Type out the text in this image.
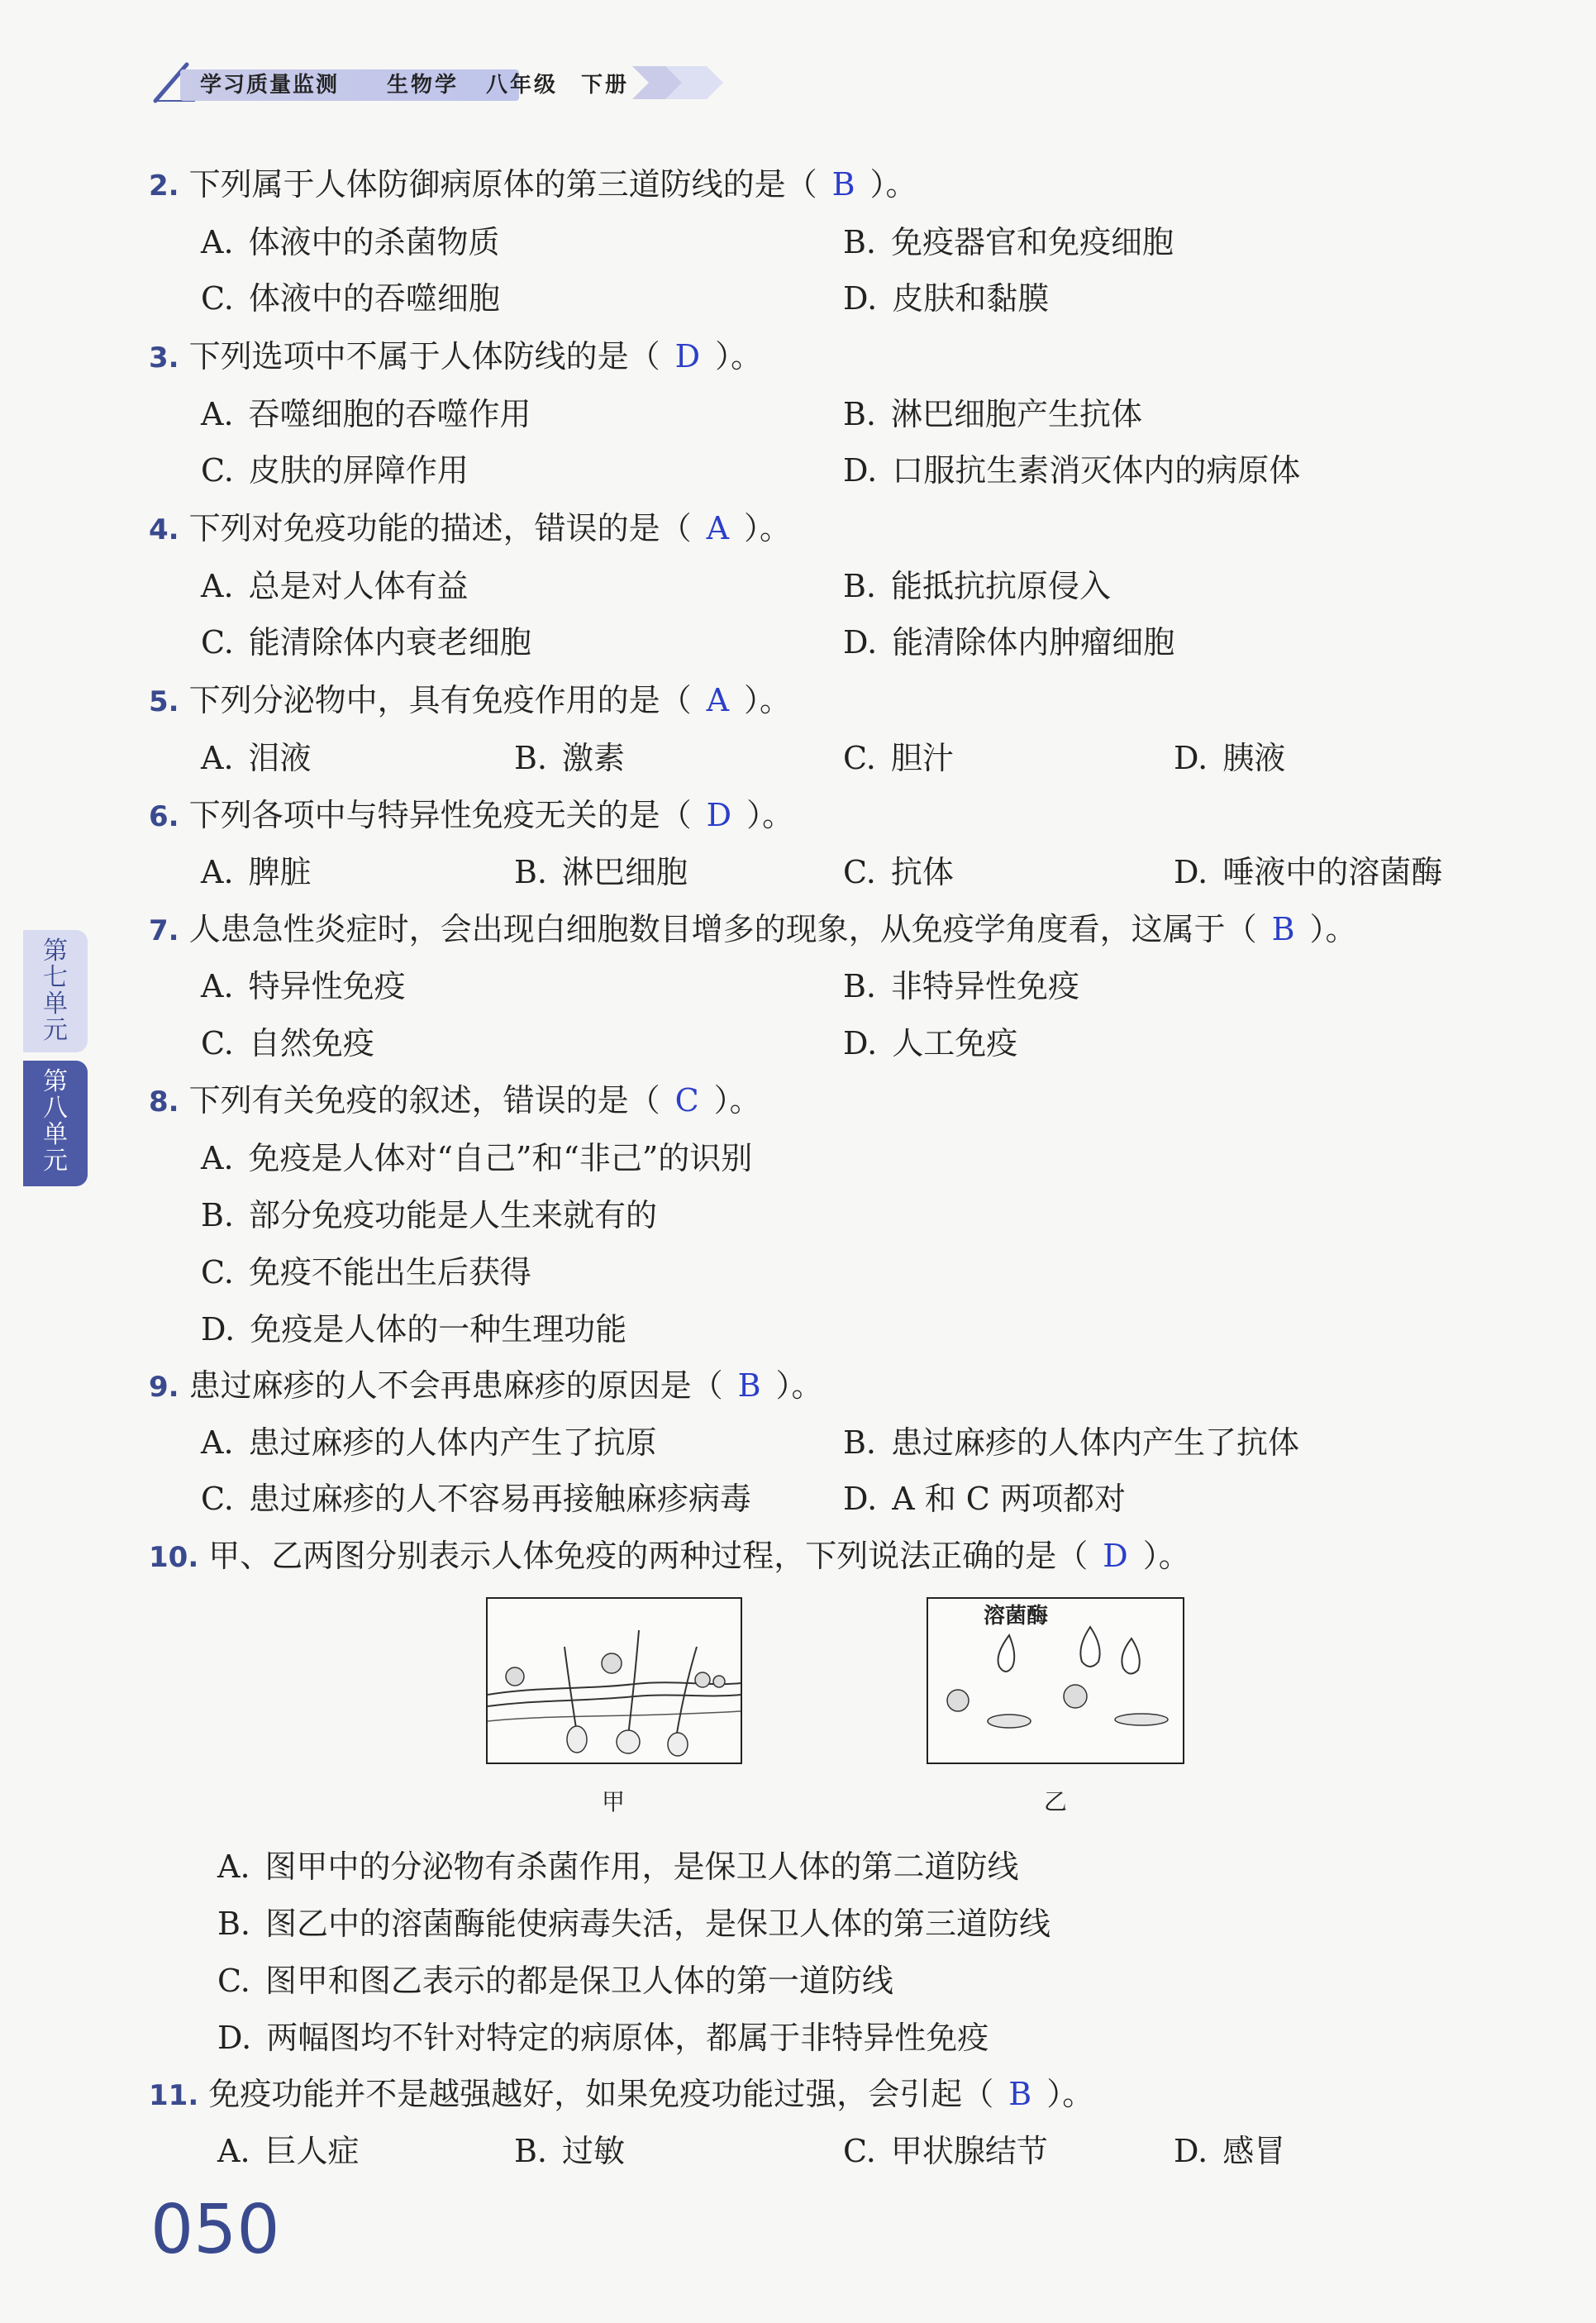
学习质量监测 生物学 八年级 下册
第七单元
第八单元
2. 下列属于人体防御病原体的第三道防线的是（ B ）。
A. 体液中的杀菌物质	B. 免疫器官和免疫细胞
C. 体液中的吞噬细胞	D. 皮肤和黏膜
3. 下列选项中不属于人体防线的是（ D ）。
A. 吞噬细胞的吞噬作用	B. 淋巴细胞产生抗体
C. 皮肤的屏障作用	D. 口服抗生素消灭体内的病原体
4. 下列对免疫功能的描述，错误的是（ A ）。
A. 总是对人体有益	B. 能抵抗抗原侵入
C. 能清除体内衰老细胞	D. 能清除体内肿瘤细胞
5. 下列分泌物中，具有免疫作用的是（ A ）。
A. 泪液	B. 激素	C. 胆汁	D. 胰液
6. 下列各项中与特异性免疫无关的是（ D ）。
A. 脾脏	B. 淋巴细胞	C. 抗体	D. 唾液中的溶菌酶
7. 人患急性炎症时，会出现白细胞数目增多的现象，从免疫学角度看，这属于（ B ）。
A. 特异性免疫	B. 非特异性免疫
C. 自然免疫	D. 人工免疫
8. 下列有关免疫的叙述，错误的是（ C ）。
A. 免疫是人体对“自己”和“非己”的识别
B. 部分免疫功能是人生来就有的
C. 免疫不能出生后获得
D. 免疫是人体的一种生理功能
9. 患过麻疹的人不会再患麻疹的原因是（ B ）。
A. 患过麻疹的人体内产生了抗原	B. 患过麻疹的人体内产生了抗体
C. 患过麻疹的人不容易再接触麻疹病毒	D. A 和 C 两项都对
10. 甲、乙两图分别表示人体免疫的两种过程，下列说法正确的是（ D ）。
甲
溶菌酶
乙
A. 图甲中的分泌物有杀菌作用，是保卫人体的第二道防线
B. 图乙中的溶菌酶能使病毒失活，是保卫人体的第三道防线
C. 图甲和图乙表示的都是保卫人体的第一道防线
D. 两幅图均不针对特定的病原体，都属于非特异性免疫
11. 免疫功能并不是越强越好，如果免疫功能过强，会引起（ B ）。
A. 巨人症	B. 过敏	C. 甲状腺结节	D. 感冒
050
